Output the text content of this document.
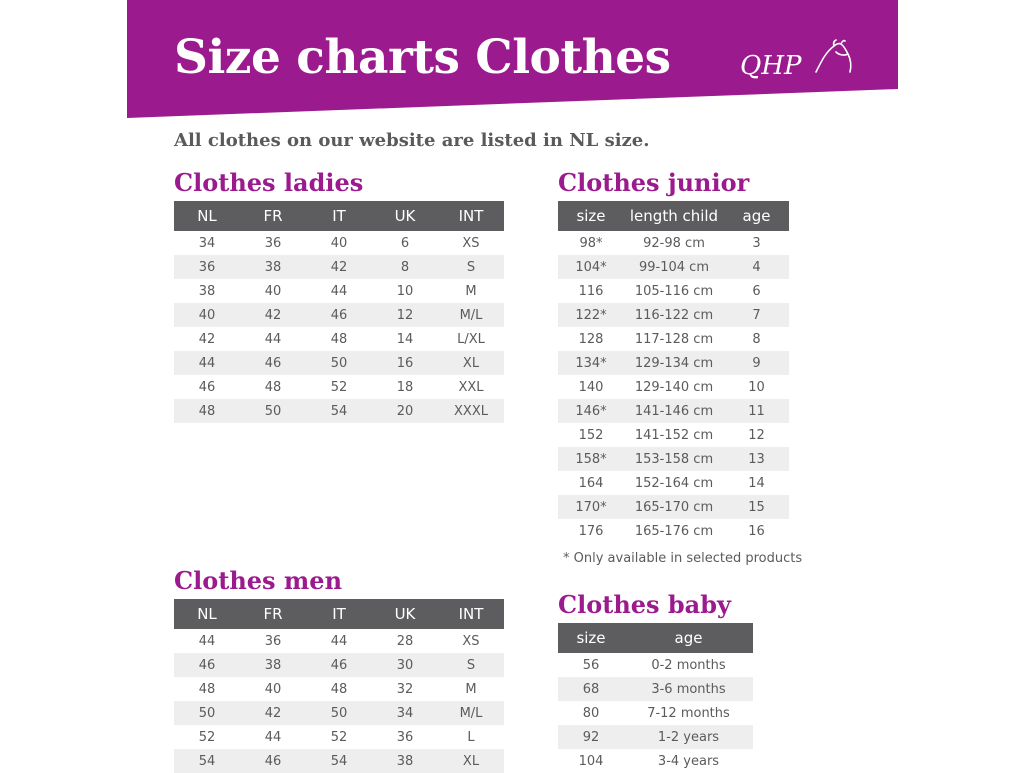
Size charts Clothes	QHP

All clothes on our website are listed in NL size.

Clothes ladies
NL	FR	IT	UK	INT
34	36	40	6	XS
36	38	42	8	S
38	40	44	10	M
40	42	46	12	M/L
42	44	48	14	L/XL
44	46	50	16	XL
46	48	52	18	XXL
48	50	54	20	XXXL
Clothes junior
size	length child	age
98*	92-98 cm	3
104*	99-104 cm	4
116	105-116 cm	6
122*	116-122 cm	7
128	117-128 cm	8
134*	129-134 cm	9
140	129-140 cm	10
146*	141-146 cm	11
152	141-152 cm	12
158*	153-158 cm	13
164	152-164 cm	14
170*	165-170 cm	15
176	165-176 cm	16

* Only available in selected products

Clothes men
NL	FR	IT	UK	INT
44	36	44	28	XS
46	38	46	30	S
48	40	48	32	M
50	42	50	34	M/L
52	44	52	36	L
54	46	54	38	XL
Clothes baby
size	age
56	0-2 months
68	3-6 months
80	7-12 months
92	1-2 years
104	3-4 years
